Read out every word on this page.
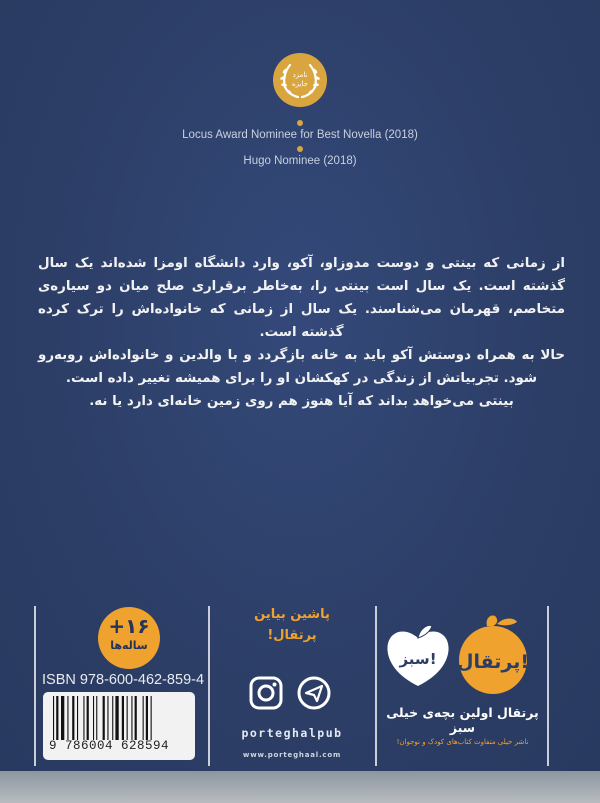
نامزد جایزه
Locus Award Nominee for Best Novella (2018)
Hugo Nominee (2018)

از زمانی که بینتی و دوست مدوزاو، آکو، وارد دانشگاه اومزا شده‌اند یک سال گذشته است. یک سال است بینتی را، به‌خاطر برقراری صلح میان دو سیاره‌ی متخاصم، قهرمان می‌شناسند. یک سال از زمانی که خانواده‌اش را ترک کرده گذشته است.

حالا به همراه دوستش آکو باید به خانه بازگردد و با والدین و خانواده‌اش روبه‌رو شود. تجربیاتش از زندگی در کهکشان او را برای همیشه تغییر داده است.

بینتی می‌خواهد بداند که آیا هنوز هم روی زمین خانه‌ای دارد یا نه.

+۱۶
ساله‌ها
ISBN 978-600-462-859-4
9 786004 628594
پاشین بیاین
پرتقال!
porteghalpub
www.porteghaal.com
سبز! پرتقال!
پرتقال اولین بچه‌ی خیلی سبز
ناشر خیلی متفاوت کتاب‌های کودک و نوجوان!
